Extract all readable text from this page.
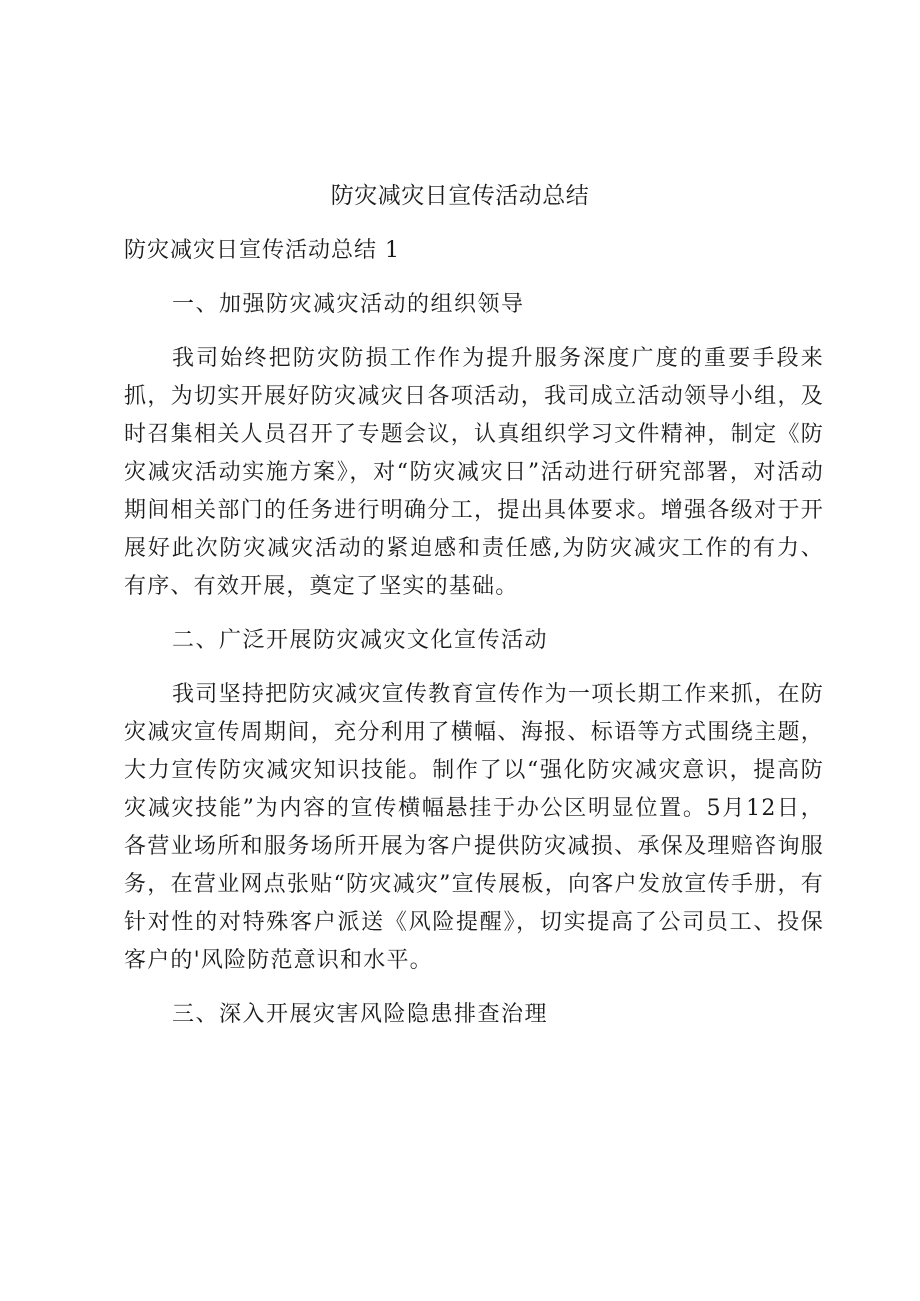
防灾减灾日宣传活动总结

防灾减灾日宣传活动总结 1

一、加强防灾减灾活动的组织领导

我司始终把防灾防损工作作为提升服务深度广度的重要手段来抓，为切实开展好防灾减灾日各项活动，我司成立活动领导小组，及时召集相关人员召开了专题会议，认真组织学习文件精神，制定《防灾减灾活动实施方案》，对“防灾减灾日”活动进行研究部署，对活动期间相关部门的任务进行明确分工，提出具体要求。增强各级对于开展好此次防灾减灾活动的紧迫感和责任感,为防灾减灾工作的有力、有序、有效开展，奠定了坚实的基础。

二、广泛开展防灾减灾文化宣传活动

我司坚持把防灾减灾宣传教育宣传作为一项长期工作来抓，在防灾减灾宣传周期间，充分利用了横幅、海报、标语等方式围绕主题，大力宣传防灾减灾知识技能。制作了以“强化防灾减灾意识，提高防灾减灾技能”为内容的宣传横幅悬挂于办公区明显位置。5月12日，各营业场所和服务场所开展为客户提供防灾减损、承保及理赔咨询服务，在营业网点张贴“防灾减灾”宣传展板，向客户发放宣传手册，有针对性的对特殊客户派送《风险提醒》，切实提高了公司员工、投保客户的'风险防范意识和水平。

三、深入开展灾害风险隐患排查治理
